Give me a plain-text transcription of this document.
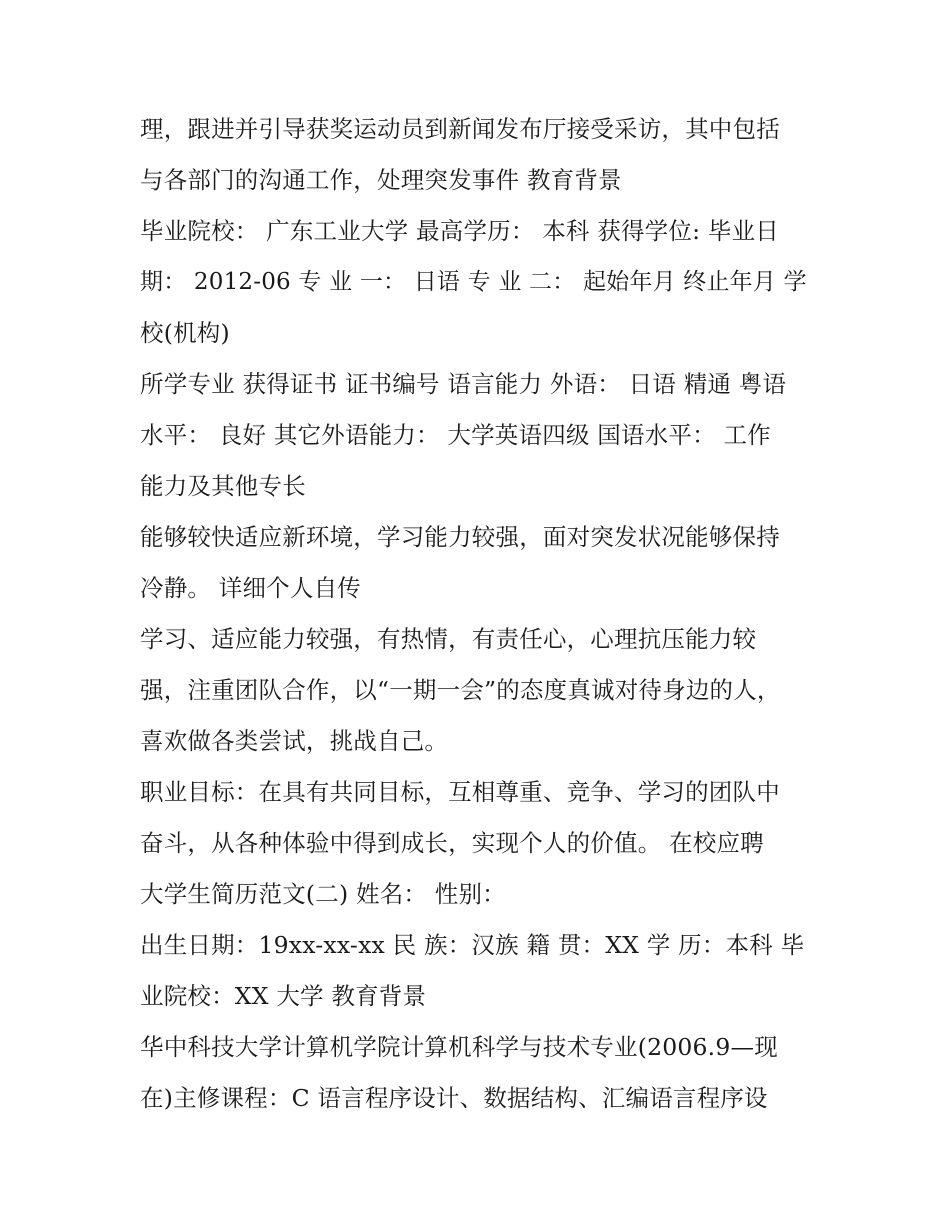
理，跟进并引导获奖运动员到新闻发布厅接受采访，其中包括
与各部门的沟通工作，处理突发事件 教育背景
毕业院校： 广东工业大学 最高学历： 本科 获得学位: 毕业日
期： 2012-06 专 业 一： 日语 专 业 二： 起始年月 终止年月 学
校(机构)
所学专业 获得证书 证书编号 语言能力 外语： 日语 精通 粤语
水平： 良好 其它外语能力： 大学英语四级 国语水平： 工作
能力及其他专长
能够较快适应新环境，学习能力较强，面对突发状况能够保持
冷静。 详细个人自传
学习、适应能力较强，有热情，有责任心，心理抗压能力较
强，注重团队合作，以“一期一会”的态度真诚对待身边的人，
喜欢做各类尝试，挑战自己。
职业目标：在具有共同目标，互相尊重、竞争、学习的团队中
奋斗，从各种体验中得到成长，实现个人的价值。 在校应聘
大学生简历范文(二) 姓名： 性别：
出生日期：19xx-xx-xx 民 族：汉族 籍 贯：XX 学 历：本科 毕
业院校：XX 大学 教育背景
华中科技大学计算机学院计算机科学与技术专业(2006.9—现
在)主修课程：C 语言程序设计、数据结构、汇编语言程序设
